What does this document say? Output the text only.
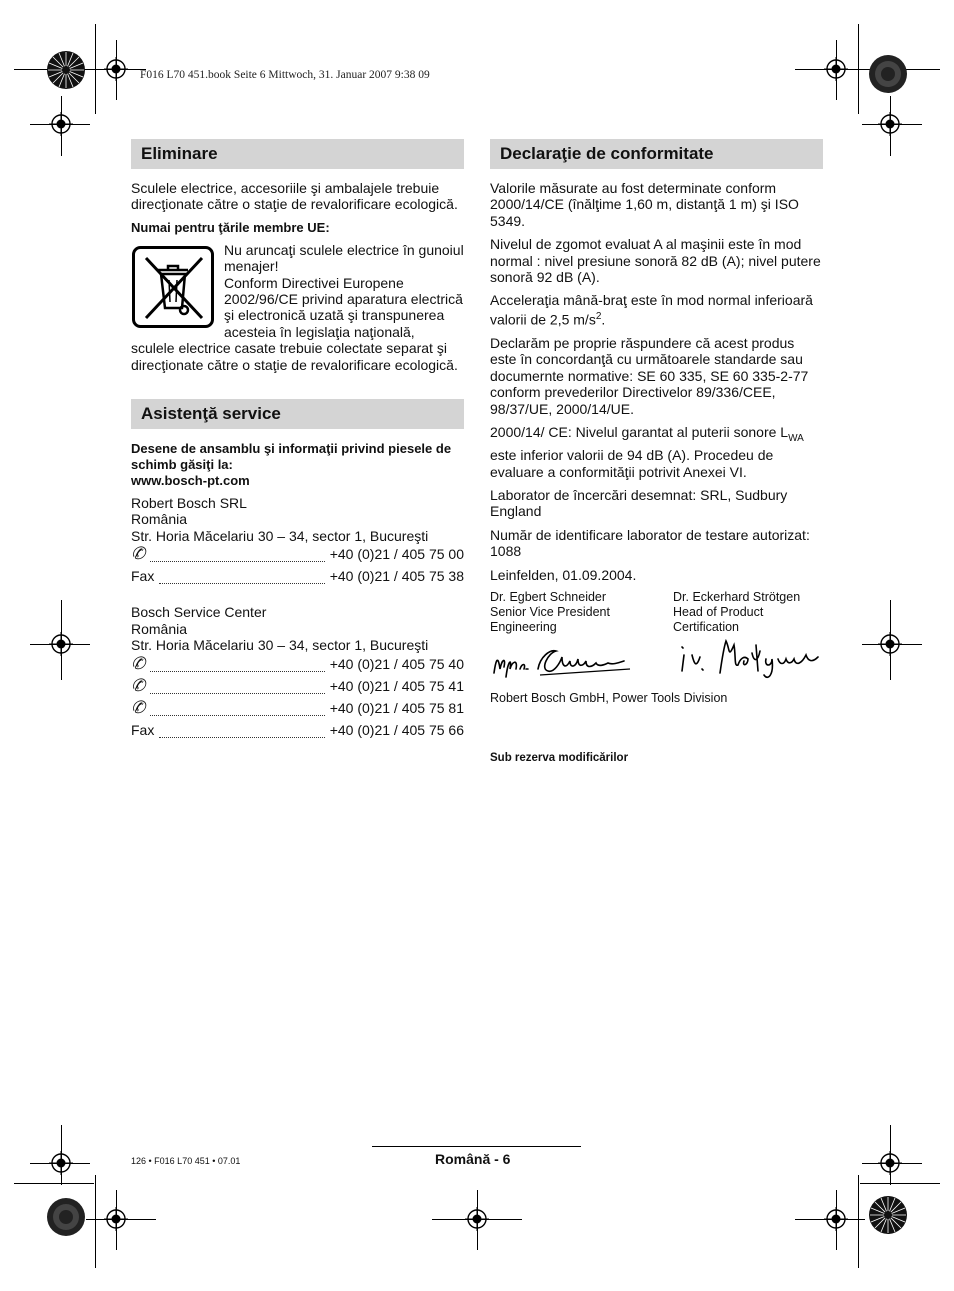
F016 L70 451.book Seite 6 Mittwoch, 31. Januar 2007 9:38 09
Eliminare

Sculele electrice, accesoriile şi ambalajele trebuie direcţionate către o staţie de revalorificare ecologică.

Numai pentru ţările membre UE:
Nu aruncaţi sculele electrice în gunoiul menajer!
Conform Directivei Europene 2002/96/CE privind aparatura electrică şi electronică uzată şi transpunerea acesteia în legislaţia naţională,

sculele electrice casate trebuie colectate separat şi direcţionate către o staţie de revalorificare ecologică.

Asistenţă service
Desene de ansamblu şi informaţii privind piesele de schimb găsiţi la:
www.bosch-pt.com
Robert Bosch SRL
România
Str. Horia Măcelariu 30 – 34, sector 1, Bucureşti
✆	+40 (0)21 / 405 75 00
Fax	+40 (0)21 / 405 75 38
Bosch Service Center
România
Str. Horia Măcelariu 30 – 34, sector 1, Bucureşti
✆	+40 (0)21 / 405 75 40
✆	+40 (0)21 / 405 75 41
✆	+40 (0)21 / 405 75 81
Fax	+40 (0)21 / 405 75 66
Declaraţie de conformitate

Valorile măsurate au fost determinate conform 2000/14/CE (înălţime 1,60 m, distanţă 1 m) şi ISO 5349.

Nivelul de zgomot evaluat A al maşinii este în mod normal : nivel presiune sonoră 82 dB (A); nivel putere sonoră 92 dB (A).

Acceleraţia mână-braţ este în mod normal inferioară valorii de 2,5 $m/s^2$.

Declarăm pe proprie răspundere că acest produs este în concordanţă cu următoarele standarde sau documernte normative: SE 60 335, SE 60 335-2-77 conform prevederilor Directivelor 89/336/CEE, 98/37/UE, 2000/14/UE.

2000/14/ CE: Nivelul garantat al puterii sonore $L_{WA}$ este inferior valorii de 94 dB (A). Procedeu de evaluare a conformităţii potrivit Anexei VI.

Laborator de încercări desemnat: SRL, Sudbury England

Număr de identificare laborator de testare autorizat: 1088

Leinfelden, 01.09.2004.

Dr. Egbert Schneider
Senior Vice President
Engineering
Dr. Eckerhard Strötgen
Head of Product
Certification
Robert Bosch GmbH, Power Tools Division
Sub rezerva modificărilor
126 • F016 L70 451 • 07.01	Română - 6
